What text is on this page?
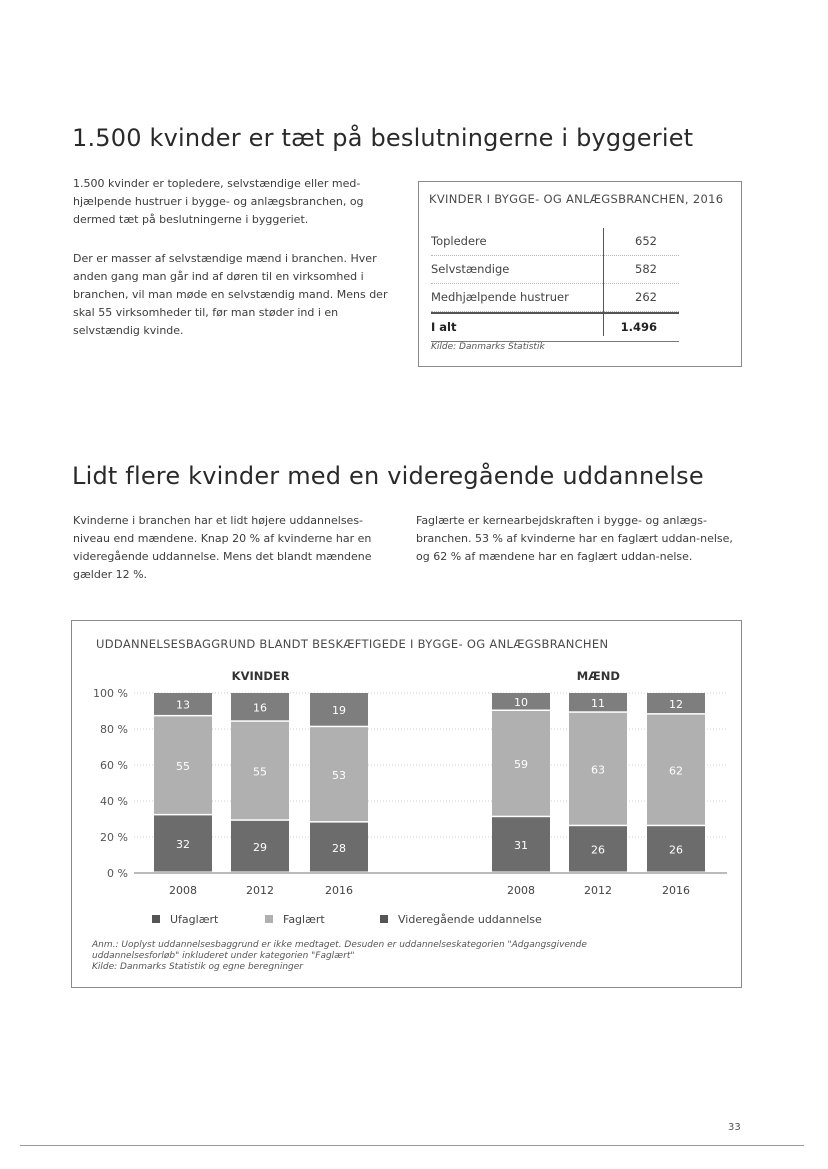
1.500 kvinder er tæt på beslutningerne i byggeriet

1.500 kvinder er topledere, selvstændige eller med-hjælpende hustruer i bygge- og anlægsbranchen, og dermed tæt på beslutningerne i byggeriet.

Der er masser af selvstændige mænd i branchen. Hver anden gang man går ind af døren til en virksomhed i branchen, vil man møde en selvstændig mand. Mens der skal 55 virksomheder til, før man støder ind i en selvstændig kvinde.

KVINDER I BYGGE- OG ANLÆGSBRANCHEN, 2016
Topledere	652
Selvstændige	582
Medhjælpende hustruer	262
I alt	1.496
Kilde: Danmarks Statistik
Lidt flere kvinder med en videregående uddannelse

Kvinderne i branchen har et lidt højere uddannelses-niveau end mændene. Knap 20 % af kvinderne har en videregående uddannelse. Mens det blandt mændene gælder 12 %.

Faglærte er kernearbejdskraften i bygge- og anlægs-branchen. 53 % af kvinderne har en faglært uddan-nelse, og 62 % af mændene har en faglært uddan-nelse.

UDDANNELSESBAGGRUND BLANDT BESKÆFTIGEDE I BYGGE- OG ANLÆGSBRANCHEN
0 %
20 %
40 %
60 %
80 %
100 %
32
55
13
29
55
16
28
53
19
31
59
10
26
63
11
26
62
12
2008	2012	2016
KVINDER
2008	2012	2016
MÆND
Ufaglært	Faglært	Videregående uddannelse
Anm.: Uoplyst uddannelsesbaggrund er ikke medtaget. Desuden er uddannelseskategorien "Adgangsgivende
uddannelsesforløb" inkluderet under kategorien "Faglært"
Kilde: Danmarks Statistik og egne beregninger
33
